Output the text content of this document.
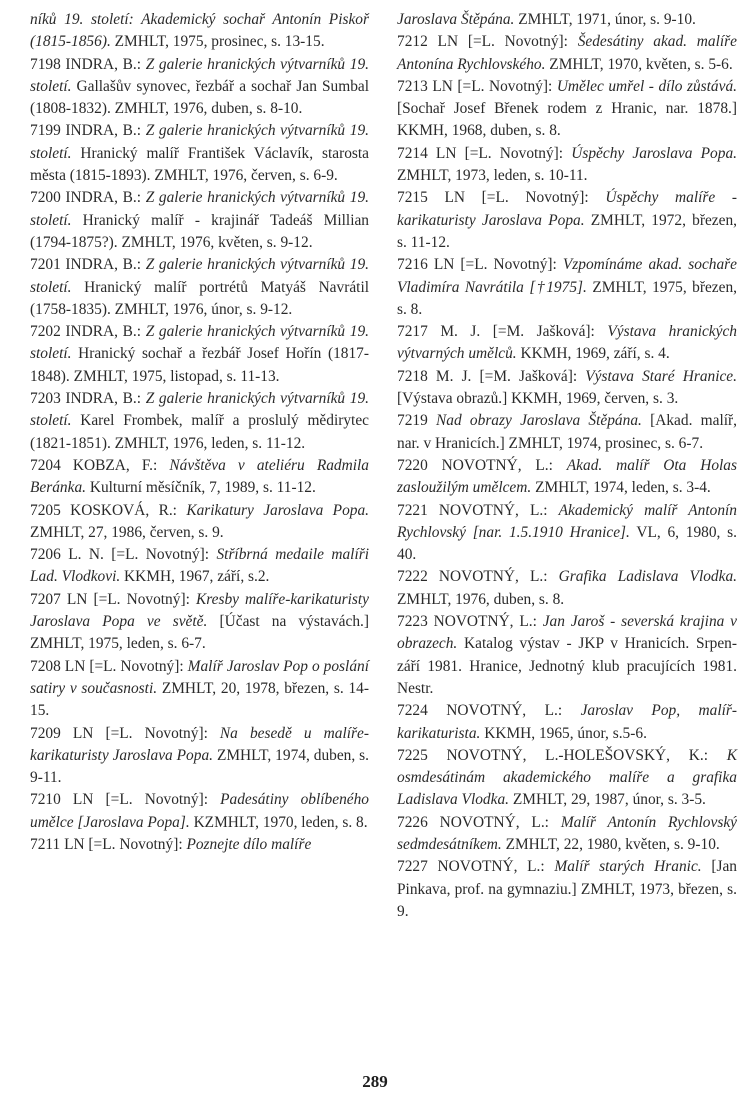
níků 19. století: Akademický sochař Antonín Piskoř (1815-1856). ZMHLT, 1975, prosinec, s. 13-15.

7198 INDRA, B.: Z galerie hranických výtvarníků 19. století. Gallašův synovec, řezbář a sochař Jan Sumbal (1808-1832). ZMHLT, 1976, duben, s. 8-10.

7199 INDRA, B.: Z galerie hranických výtvarníků 19. století. Hranický malíř František Václavík, starosta města (1815-1893). ZMHLT, 1976, červen, s. 6-9.

7200 INDRA, B.: Z galerie hranických výtvarníků 19. století. Hranický malíř - krajinář Tadeáš Millian (1794-1875?). ZMHLT, 1976, květen, s. 9-12.

7201 INDRA, B.: Z galerie hranických výtvarníků 19. století. Hranický malíř portrétů Matyáš Navrátil (1758-1835). ZMHLT, 1976, únor, s. 9-12.

7202 INDRA, B.: Z galerie hranických výtvarníků 19. století. Hranický sochař a řezbář Josef Hořín (1817-1848). ZMHLT, 1975, listopad, s. 11-13.

7203 INDRA, B.: Z galerie hranických výtvarníků 19. století. Karel Frombek, malíř a proslulý mědirytec (1821-1851). ZMHLT, 1976, leden, s. 11-12.

7204 KOBZA, F.: Návštěva v ateliéru Radmila Beránka. Kulturní měsíčník, 7, 1989, s. 11-12.

7205 KOSKOVÁ, R.: Karikatury Jaroslava Popa. ZMHLT, 27, 1986, červen, s. 9.

7206 L. N. [=L. Novotný]: Stříbrná medaile malíři Lad. Vlodkovi. KKMH, 1967, září, s.2.

7207 LN [=L. Novotný]: Kresby malíře-karikaturisty Jaroslava Popa ve světě. [Účast na výstavách.] ZMHLT, 1975, leden, s. 6-7.

7208 LN [=L. Novotný]: Malíř Jaroslav Pop o poslání satiry v současnosti. ZMHLT, 20, 1978, březen, s. 14-15.

7209 LN [=L. Novotný]: Na besedě u malíře-karikaturisty Jaroslava Popa. ZMHLT, 1974, duben, s. 9-11.

7210 LN [=L. Novotný]: Padesátiny oblíbeného umělce [Jaroslava Popa]. KZMHLT, 1970, leden, s. 8.

7211 LN [=L. Novotný]: Poznejte dílo malíře

Jaroslava Štěpána. ZMHLT, 1971, únor, s. 9-10.

7212 LN [=L. Novotný]: Šedesátiny akad. malíře Antonína Rychlovského. ZMHLT, 1970, květen, s. 5-6.

7213 LN [=L. Novotný]: Umělec umřel - dílo zůstává. [Sochař Josef Břenek rodem z Hranic, nar. 1878.] KKMH, 1968, duben, s. 8.

7214 LN [=L. Novotný]: Úspěchy Jaroslava Popa. ZMHLT, 1973, leden, s. 10-11.

7215 LN [=L. Novotný]: Úspěchy malíře - karikaturisty Jaroslava Popa. ZMHLT, 1972, březen, s. 11-12.

7216 LN [=L. Novotný]: Vzpomínáme akad. sochaře Vladimíra Navrátila [†1975]. ZMHLT, 1975, březen, s. 8.

7217 M. J. [=M. Jašková]: Výstava hranických výtvarných umělců. KKMH, 1969, září, s. 4.

7218 M. J. [=M. Jašková]: Výstava Staré Hranice. [Výstava obrazů.] KKMH, 1969, červen, s. 3.

7219 Nad obrazy Jaroslava Štěpána. [Akad. malíř, nar. v Hranicích.] ZMHLT, 1974, prosinec, s. 6-7.

7220 NOVOTNÝ, L.: Akad. malíř Ota Holas zasloužilým umělcem. ZMHLT, 1974, leden, s. 3-4.

7221 NOVOTNÝ, L.: Akademický malíř Antonín Rychlovský [nar. 1.5.1910 Hranice]. VL, 6, 1980, s. 40.

7222 NOVOTNÝ, L.: Grafika Ladislava Vlodka. ZMHLT, 1976, duben, s. 8.

7223 NOVOTNÝ, L.: Jan Jaroš - severská krajina v obrazech. Katalog výstav - JKP v Hranicích. Srpen-září 1981. Hranice, Jednotný klub pracujících 1981. Nestr.

7224 NOVOTNÝ, L.: Jaroslav Pop, malíř-karikaturista. KKMH, 1965, únor, s.5-6.

7225 NOVOTNÝ, L.-HOLEŠOVSKÝ, K.: K osmdesátinám akademického malíře a grafika Ladislava Vlodka. ZMHLT, 29, 1987, únor, s. 3-5.

7226 NOVOTNÝ, L.: Malíř Antonín Rychlovský sedmdesátníkem. ZMHLT, 22, 1980, květen, s. 9-10.

7227 NOVOTNÝ, L.: Malíř starých Hranic. [Jan Pinkava, prof. na gymnaziu.] ZMHLT, 1973, březen, s. 9.

289
